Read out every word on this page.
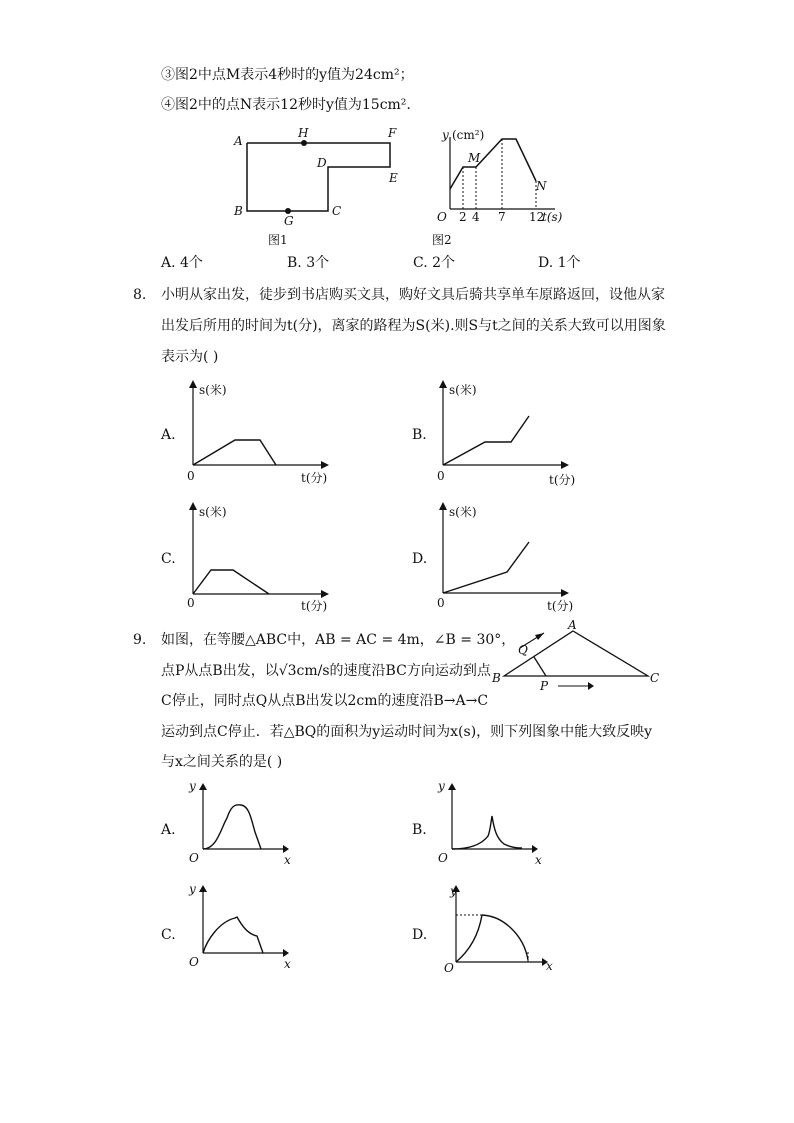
③图2中点M表示4秒时的y值为24cm²；
④图2中的点N表示12秒时y值为15cm².
A
H	F
D
E
B
G
C
图1
y (cm²)
M
N
O 2 4 7 12
t(s)
图2
A. 4个	B. 3个	C. 2个	D. 1个
8. 小明从家出发，徒步到书店购买文具，购好文具后骑共享单车原路返回，设他从家
出发后所用的时间为t(分)，离家的路程为S(米).则S与t之间的关系大致可以用图象
表示为( )
A.
s(米)
0	t(分)
B.
s(米)
0	t(分)
C.
s(米)
0	t(分)
D.
s(米)
0	t(分)
9. 如图，在等腰△ABC中，AB = AC = 4m，∠B = 30°，
点P从点B出发，以√3cm/s的速度沿BC方向运动到点
C停止，同时点Q从点B出发以2cm的速度沿B→A→C
运动到点C停止．若△BQ的面积为y运动时间为x(s)，则下列图象中能大致反映y
与x之间关系的是( )
A
B	C
P
Q
A.
y
O	x
B.
y
O	x
C.
y
O	x
D.
y
O	x
